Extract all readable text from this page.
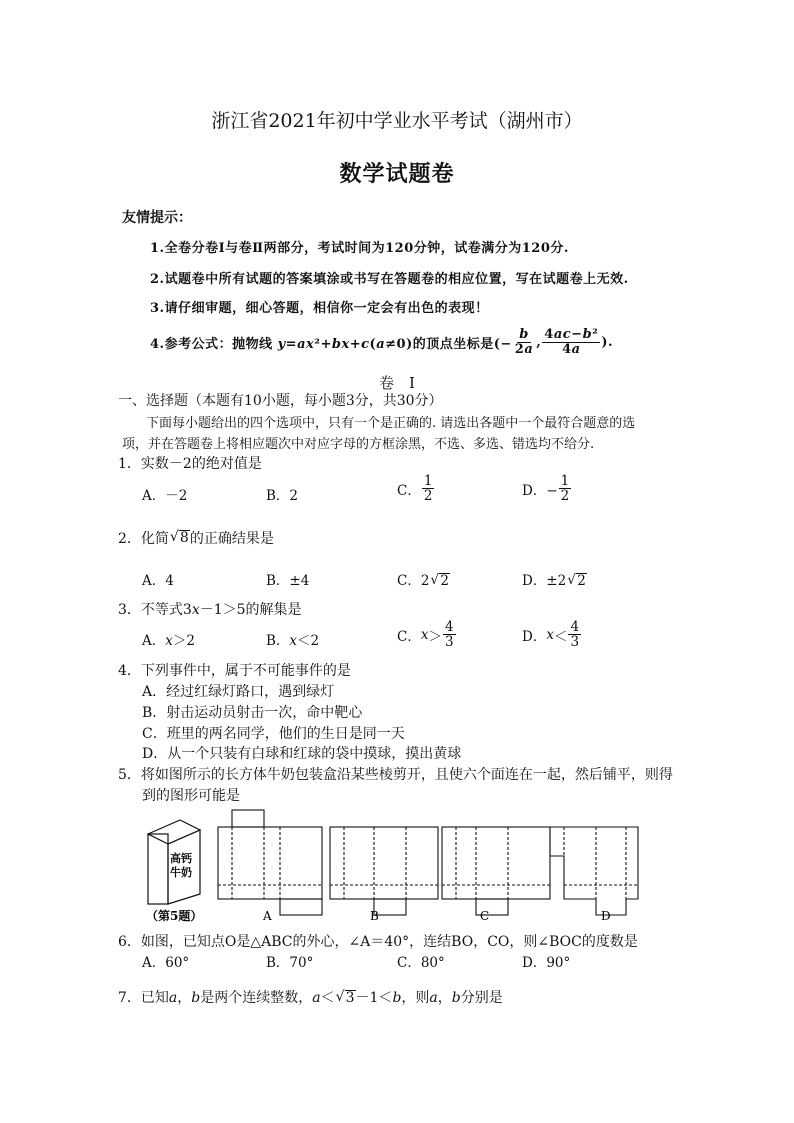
浙江省2021年初中学业水平考试（湖州市）
数学试题卷
友情提示：
1.全卷分卷Ⅰ与卷Ⅱ两部分，考试时间为120分钟，试卷满分为120分.
2.试题卷中所有试题的答案填涂或书写在答题卷的相应位置，写在试题卷上无效.
3.请仔细审题，细心答题，相信你一定会有出色的表现！
4.参考公式：抛物线 y=ax²+bx+c(a≠0)的顶点坐标是(− $\frac{b}{2a}$ , $\frac{\text{4ac−b²}}{4a}$ ).
卷　Ⅰ
一、选择题（本题有10小题，每小题3分，共30分）
下面每小题给出的四个选项中，只有一个是正确的. 请选出各题中一个最符合题意的选
项，并在答题卷上将相应题次中对应字母的方框涂黑，不选、多选、错选均不给分.
1．实数－2的绝对值是
A．－2	B．2	C． $\frac{1}{2}$	D．− $\frac{1}{2}$
2．化简 √ 8 的正确结果是
A．4	B．±4	C．2 √ 2	D．±2 √ 2
3．不等式3x－1＞5的解集是
A．x＞2	B．x＜2	C． $x > \frac{4}{3}$	D． $x < \frac{4}{3}$
4．下列事件中，属于不可能事件的是
A．经过红绿灯路口，遇到绿灯
B．射击运动员射击一次，命中靶心
C．班里的两名同学，他们的生日是同一天
D．从一个只装有白球和红球的袋中摸球，摸出黄球
5．将如图所示的长方体牛奶包装盒沿某些棱剪开，且使六个面连在一起，然后铺平，则得
到的图形可能是
高钙牛奶
（第5题）	A	B	C	D
6．如图，已知点O是△ABC的外心，∠A＝40°，连结BO，CO，则∠BOC的度数是
A．60°	B．70°	C．80°	D．90°
7．已知a，b是两个连续整数，a＜ √ 3－1＜b，则a，b分别是
